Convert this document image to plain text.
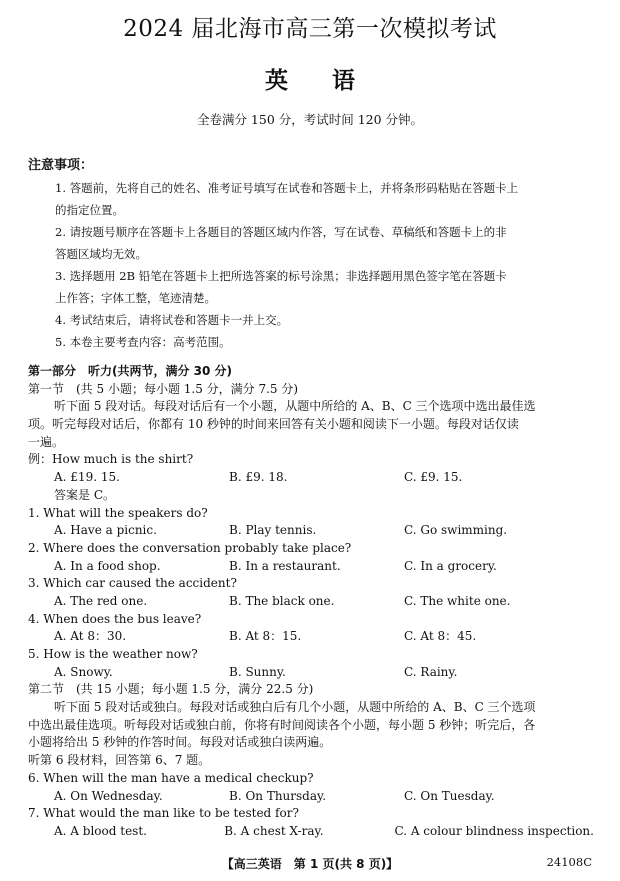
2024 届北海市高三第一次模拟考试
英 语
全卷满分 150 分，考试时间 120 分钟。
注意事项：
1. 答题前，先将自己的姓名、准考证号填写在试卷和答题卡上，并将条形码粘贴在答题卡上
的指定位置。
2. 请按题号顺序在答题卡上各题目的答题区域内作答，写在试卷、草稿纸和答题卡上的非
答题区域均无效。
3. 选择题用 2B 铅笔在答题卡上把所选答案的标号涂黑；非选择题用黑色签字笔在答题卡
上作答；字体工整，笔迹清楚。
4. 考试结束后，请将试卷和答题卡一并上交。
5. 本卷主要考查内容：高考范围。
第一部分　听力(共两节，满分 30 分)
第一节　(共 5 小题；每小题 1.5 分，满分 7.5 分)
听下面 5 段对话。每段对话后有一个小题，从题中所给的 A、B、C 三个选项中选出最佳选
项。听完每段对话后，你都有 10 秒钟的时间来回答有关小题和阅读下一小题。每段对话仅读
一遍。
例：How much is the shirt?
A. £19. 15.	B. £9. 18.	C. £9. 15.
答案是 C。
1. What will the speakers do?
A. Have a picnic.	B. Play tennis.	C. Go swimming.
2. Where does the conversation probably take place?
A. In a food shop.	B. In a restaurant.	C. In a grocery.
3. Which car caused the accident?
A. The red one.	B. The black one.	C. The white one.
4. When does the bus leave?
A. At 8：30.	B. At 8：15.	C. At 8：45.
5. How is the weather now?
A. Snowy.	B. Sunny.	C. Rainy.
第二节　(共 15 小题；每小题 1.5 分，满分 22.5 分)
听下面 5 段对话或独白。每段对话或独白后有几个小题，从题中所给的 A、B、C 三个选项
中选出最佳选项。听每段对话或独白前，你将有时间阅读各个小题，每小题 5 秒钟；听完后，各
小题将给出 5 秒钟的作答时间。每段对话或独白读两遍。
听第 6 段材料，回答第 6、7 题。
6. When will the man have a medical checkup?
A. On Wednesday.	B. On Thursday.	C. On Tuesday.
7. What would the man like to be tested for?
A. A blood test.	B. A chest X-ray.	C. A colour blindness inspection.
【高三英语　第 1 页(共 8 页)】	24108C
